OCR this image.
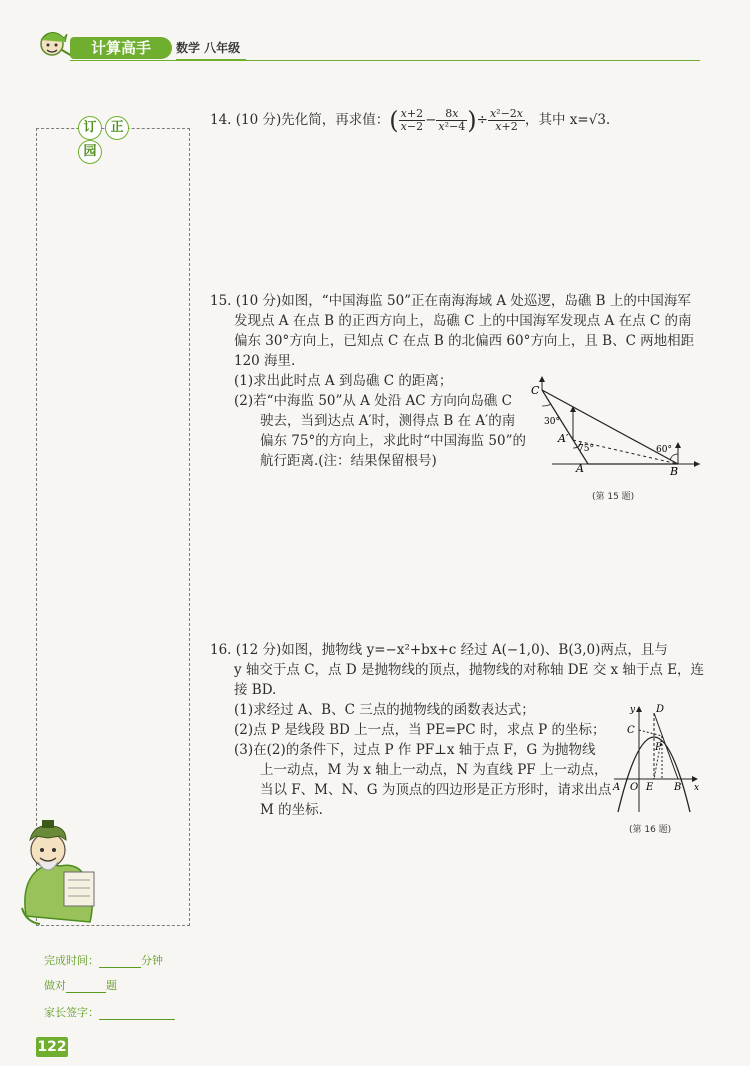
计算高手	数学 八年级
订 正 园
完成时间：	分钟
做对	题
家长签字：
122
14. (10 分)先化简，再求值：( $\frac{x+2}{x-2} - \frac{8x}{\text{x²−4}}$ )÷ $\frac{\text{x²−2x}}{x+2}$ ，其中 x=√3.
15. (10 分)如图，“中国海监 50”正在南海海域 A 处巡逻，岛礁 B 上的中国海军
发现点 A 在点 B 的正西方向上，岛礁 C 上的中国海军发现点 A 在点 C 的南
偏东 30°方向上，已知点 C 在点 B 的北偏西 60°方向上，且 B、C 两地相距
120 海里.
(1)求出此时点 A 到岛礁 C 的距离；
(2)若“中海监 50”从 A 处沿 AC 方向向岛礁 C
驶去，当到达点 A′时，测得点 B 在 A′的南
偏东 75°的方向上，求此时“中国海监 50”的
航行距离.(注：结果保留根号)
C
30°
A′
75°
A
60°
B
(第 15 题)
16. (12 分)如图，抛物线 y=−x²+bx+c 经过 A(−1,0)、B(3,0)两点，且与
y 轴交于点 C，点 D 是抛物线的顶点，抛物线的对称轴 DE 交 x 轴于点 E，连
接 BD.
(1)求经过 A、B、C 三点的抛物线的函数表达式；
(2)点 P 是线段 BD 上一点，当 PE=PC 时，求点 P 的坐标；
(3)在(2)的条件下，过点 P 作 PF⊥x 轴于点 F，G 为抛物线
上一动点，M 为 x 轴上一动点，N 为直线 PF 上一动点，
当以 F、M、N、G 为顶点的四边形是正方形时，请求出点
M 的坐标.
y
x
D
C
P
A O E B
(第 16 题)
